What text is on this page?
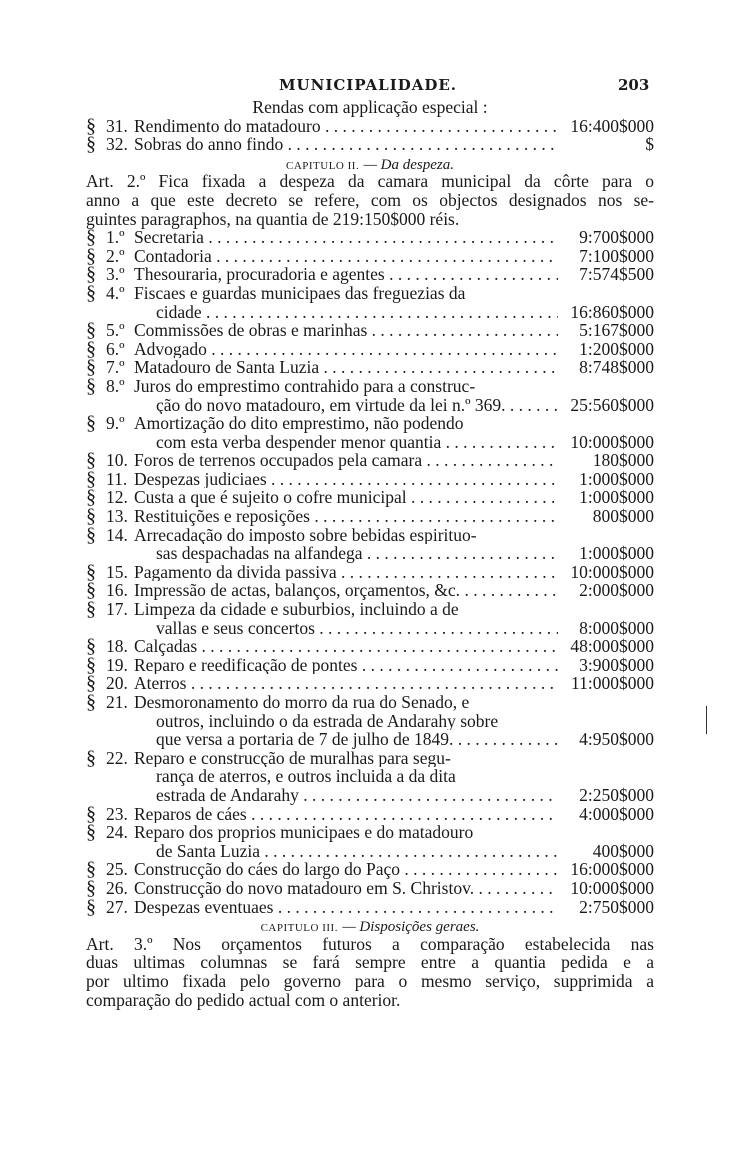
MUNICIPALIDADE.	203
Rendas com applicação especial :
§ 31. Rendimento do matadouro . . .	16:400$000
§ 32. Sobras do anno findo . . .	$
CAPITULO II. — Da despeza.
Art. 2.º Fica fixada a despeza da camara municipal da côrte para o
anno a que este decreto se refere, com os objectos designados nos se-
guintes paragraphos, na quantia de 219:150$000 réis.
§ 1.º Secretaria . . .	9:700$000
§ 2.º Contadoria . . .	7:100$000
§ 3.º Thesouraria, procuradoria e agentes . . .	7:574$500
§ 4.º Fiscaes e guardas municipaes das freguezias da
cidade . . .	16:860$000
§ 5.º Commissões de obras e marinhas . . .	5:167$000
§ 6.º Advogado . . .	1:200$000
§ 7.º Matadouro de Santa Luzia . . .	8:748$000
§ 8.º Juros do emprestimo contrahido para a construc-
ção do novo matadouro, em virtude da lei n.º 369. . . .	25:560$000
§ 9.º Amortização do dito emprestimo, não podendo
com esta verba despender menor quantia . . .	10:000$000
§ 10. Foros de terrenos occupados pela camara . . .	180$000
§ 11. Despezas judiciaes . . .	1:000$000
§ 12. Custa a que é sujeito o cofre municipal . . .	1:000$000
§ 13. Restituições e reposições . . .	800$000
§ 14. Arrecadação do imposto sobre bebidas espirituo-
sas despachadas na alfandega . . .	1:000$000
§ 15. Pagamento da divida passiva . . .	10:000$000
§ 16. Impressão de actas, balanços, orçamentos, &c. . . .	2:000$000
§ 17. Limpeza da cidade e suburbios, incluindo a de
vallas e seus concertos . . .	8:000$000
§ 18. Calçadas . . .	48:000$000
§ 19. Reparo e reedificação de pontes . . .	3:900$000
§ 20. Aterros . . .	11:000$000
§ 21. Desmoronamento do morro da rua do Senado, e
outros, incluindo o da estrada de Andarahy sobre
que versa a portaria de 7 de julho de 1849. . . .	4:950$000
§ 22. Reparo e construcção de muralhas para segu-
rança de aterros, e outros incluida a da dita
estrada de Andarahy . . .	2:250$000
§ 23. Reparos de cáes . . .	4:000$000
§ 24. Reparo dos proprios municipaes e do matadouro
de Santa Luzia . . .	400$000
§ 25. Construcção do cáes do largo do Paço . . .	16:000$000
§ 26. Construcção do novo matadouro em S. Christov. . . .	10:000$000
§ 27. Despezas eventuaes . . .	2:750$000
CAPITULO III. — Disposições geraes.
Art. 3.º Nos orçamentos futuros a comparação estabelecida nas
duas ultimas columnas se fará sempre entre a quantia pedida e a
por ultimo fixada pelo governo para o mesmo serviço, supprimida a
comparação do pedido actual com o anterior.
